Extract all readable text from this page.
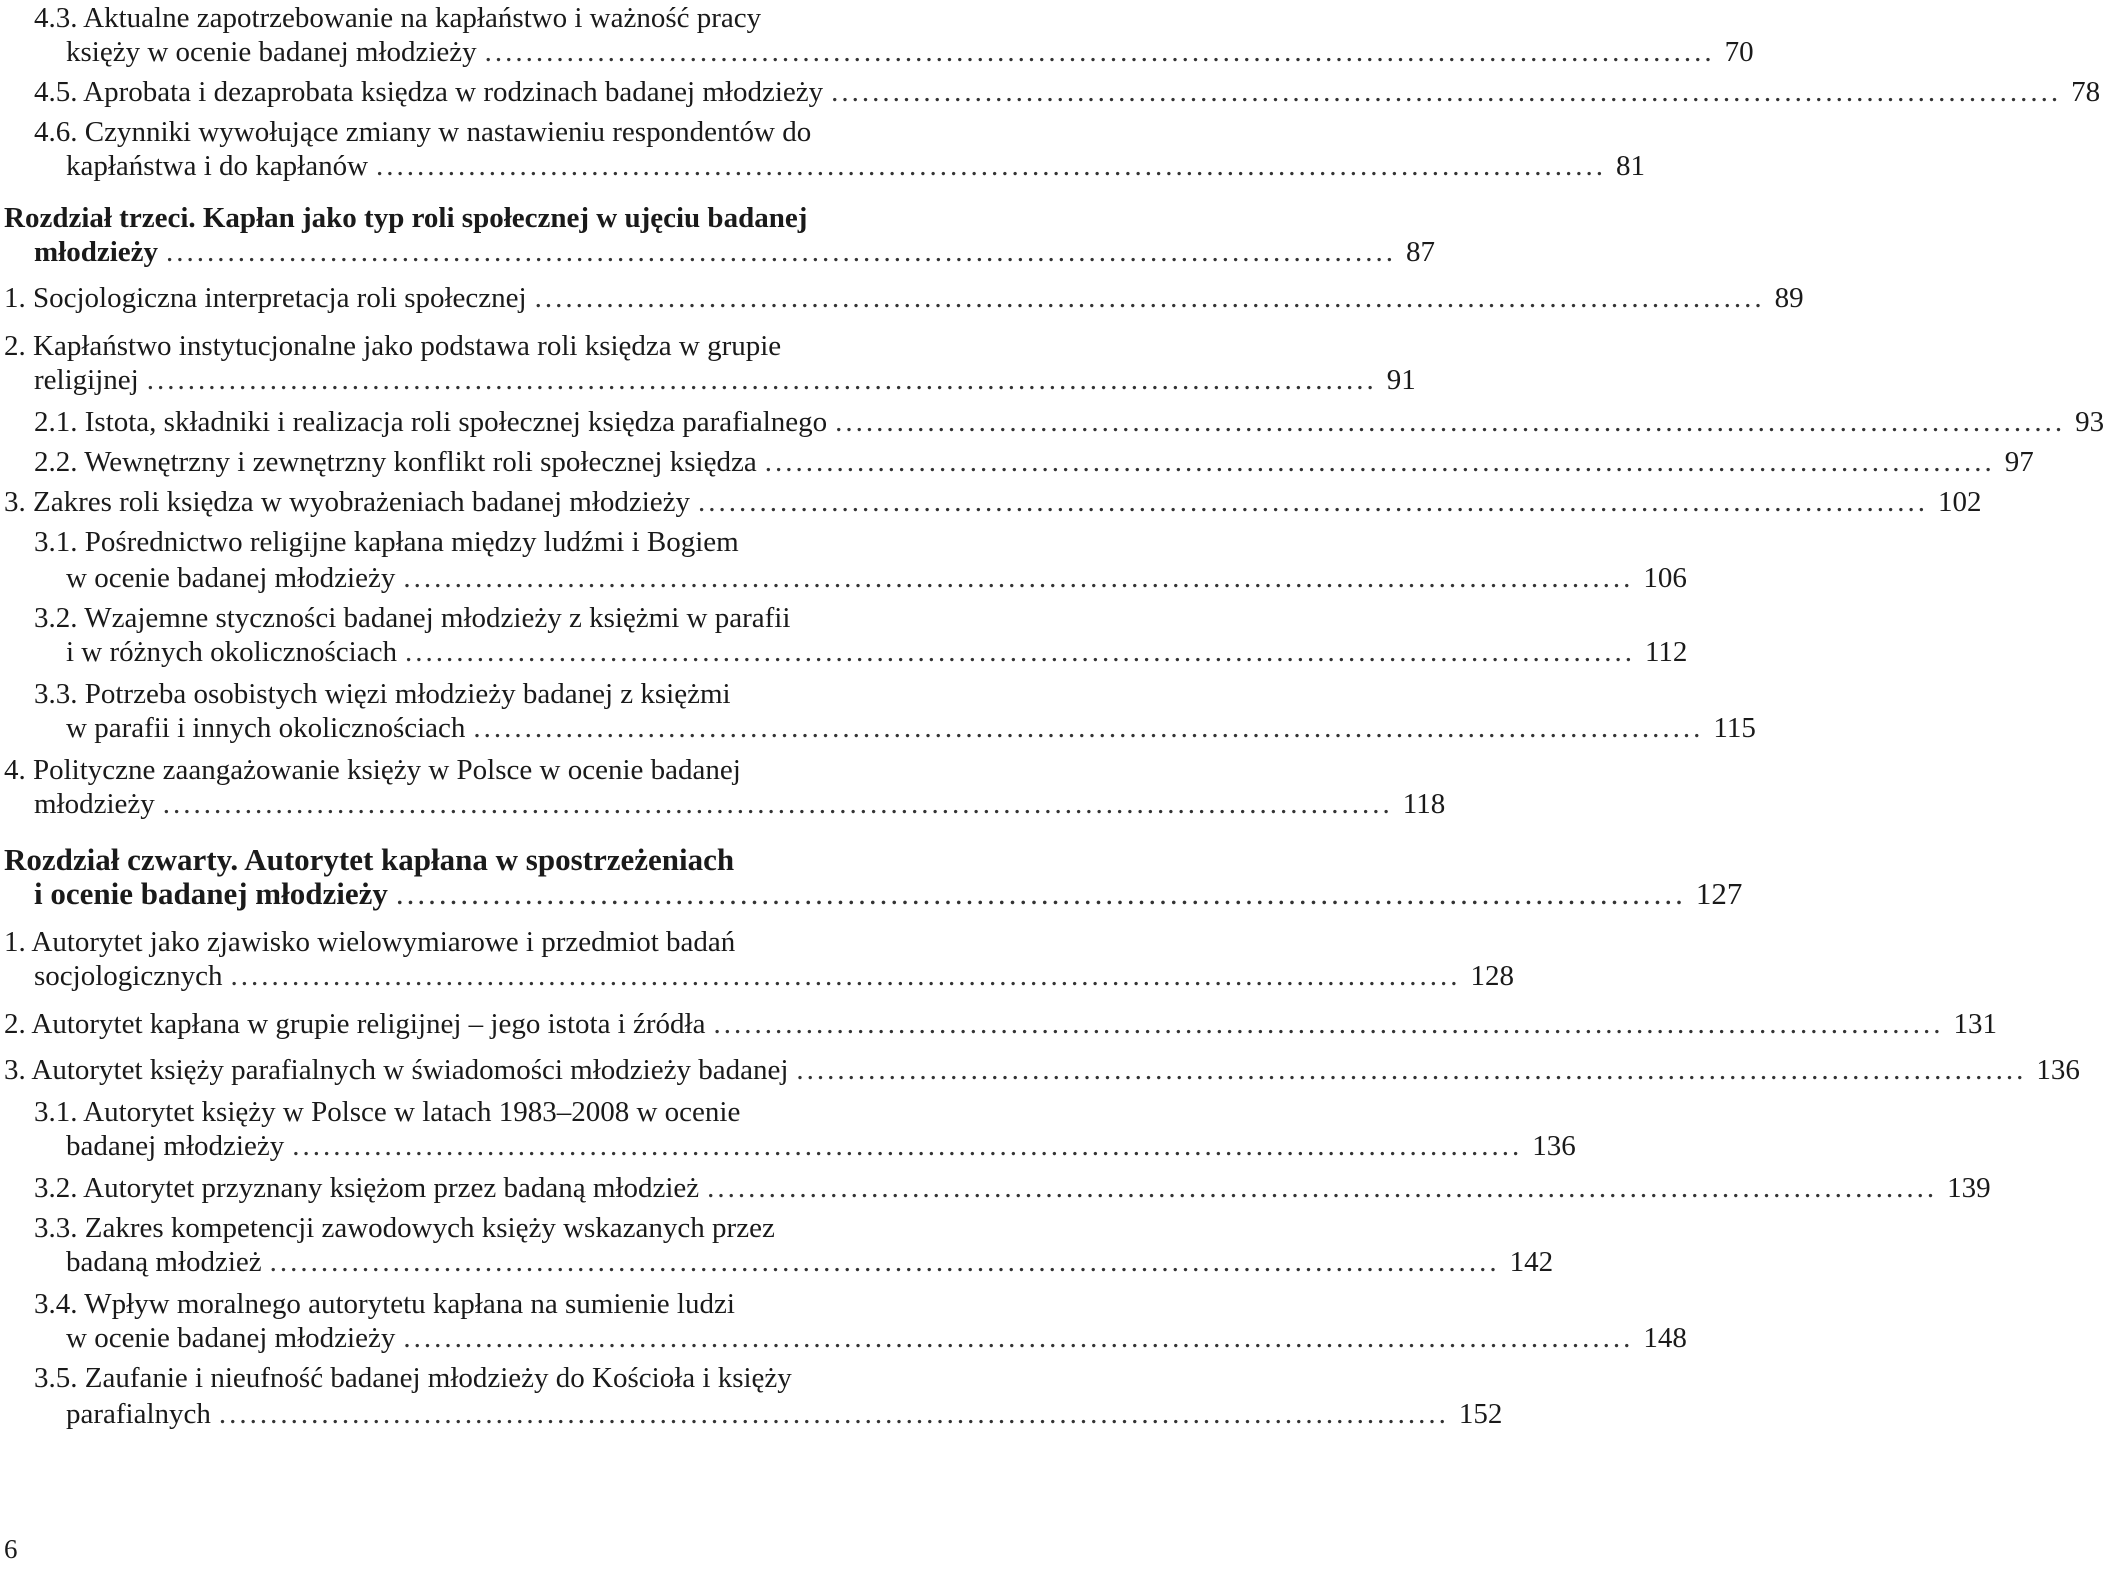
4.3. Aktualne zapotrzebowanie na kapłaństwo i ważność pracy
księży w ocenie badanej młodzieży ........................................................................................................................ 70
4.5. Aprobata i dezaprobata księdza w rodzinach badanej młodzieży ........................................................................................................................ 78
4.6. Czynniki wywołujące zmiany w nastawieniu respondentów do
kapłaństwa i do kapłanów ........................................................................................................................ 81
Rozdział trzeci. Kapłan jako typ roli społecznej w ujęciu badanej
młodzieży ........................................................................................................................ 87
1. Socjologiczna interpretacja roli społecznej ........................................................................................................................ 89
2. Kapłaństwo instytucjonalne jako podstawa roli księdza w grupie
religijnej ........................................................................................................................ 91
2.1. Istota, składniki i realizacja roli społecznej księdza parafialnego ........................................................................................................................ 93
2.2. Wewnętrzny i zewnętrzny konflikt roli społecznej księdza ........................................................................................................................ 97
3. Zakres roli księdza w wyobrażeniach badanej młodzieży ........................................................................................................................ 102
3.1. Pośrednictwo religijne kapłana między ludźmi i Bogiem
w ocenie badanej młodzieży ........................................................................................................................ 106
3.2. Wzajemne styczności badanej młodzieży z księżmi w parafii
i w różnych okolicznościach ........................................................................................................................ 112
3.3. Potrzeba osobistych więzi młodzieży badanej z księżmi
w parafii i innych okolicznościach ........................................................................................................................ 115
4. Polityczne zaangażowanie księży w Polsce w ocenie badanej
młodzieży ........................................................................................................................ 118
Rozdział czwarty. Autorytet kapłana w spostrzeżeniach
i ocenie badanej młodzieży ........................................................................................................................ 127
1. Autorytet jako zjawisko wielowymiarowe i przedmiot badań
socjologicznych ........................................................................................................................ 128
2. Autorytet kapłana w grupie religijnej – jego istota i źródła ........................................................................................................................ 131
3. Autorytet księży parafialnych w świadomości młodzieży badanej ........................................................................................................................ 136
3.1. Autorytet księży w Polsce w latach 1983–2008 w ocenie
badanej młodzieży ........................................................................................................................ 136
3.2. Autorytet przyznany księżom przez badaną młodzież ........................................................................................................................ 139
3.3. Zakres kompetencji zawodowych księży wskazanych przez
badaną młodzież ........................................................................................................................ 142
3.4. Wpływ moralnego autorytetu kapłana na sumienie ludzi
w ocenie badanej młodzieży ........................................................................................................................ 148
3.5. Zaufanie i nieufność badanej młodzieży do Kościoła i księży
parafialnych ........................................................................................................................ 152
6
